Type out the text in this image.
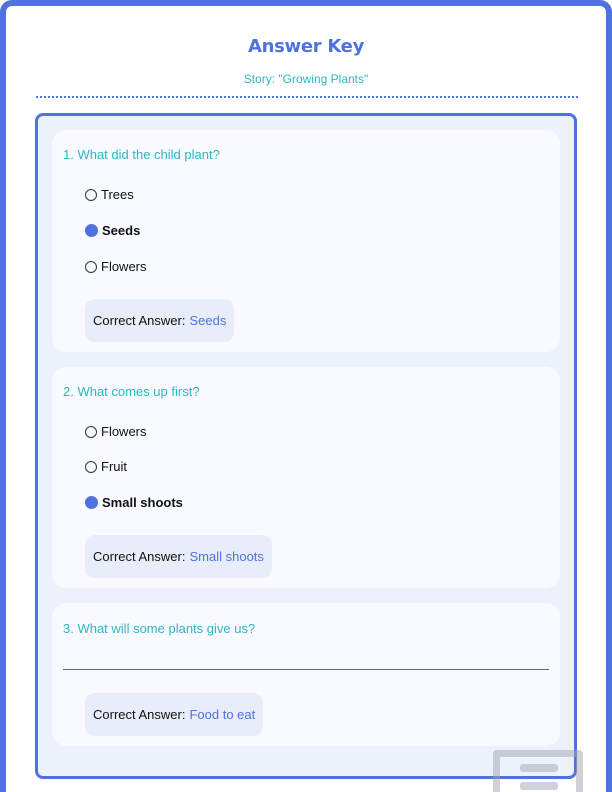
Answer Key
Story: "Growing Plants"
1. What did the child plant?
Trees
Seeds
Flowers
Correct Answer: Seeds
2. What comes up first?
Flowers
Fruit
Small shoots
Correct Answer: Small shoots
3. What will some plants give us?
Correct Answer: Food to eat
